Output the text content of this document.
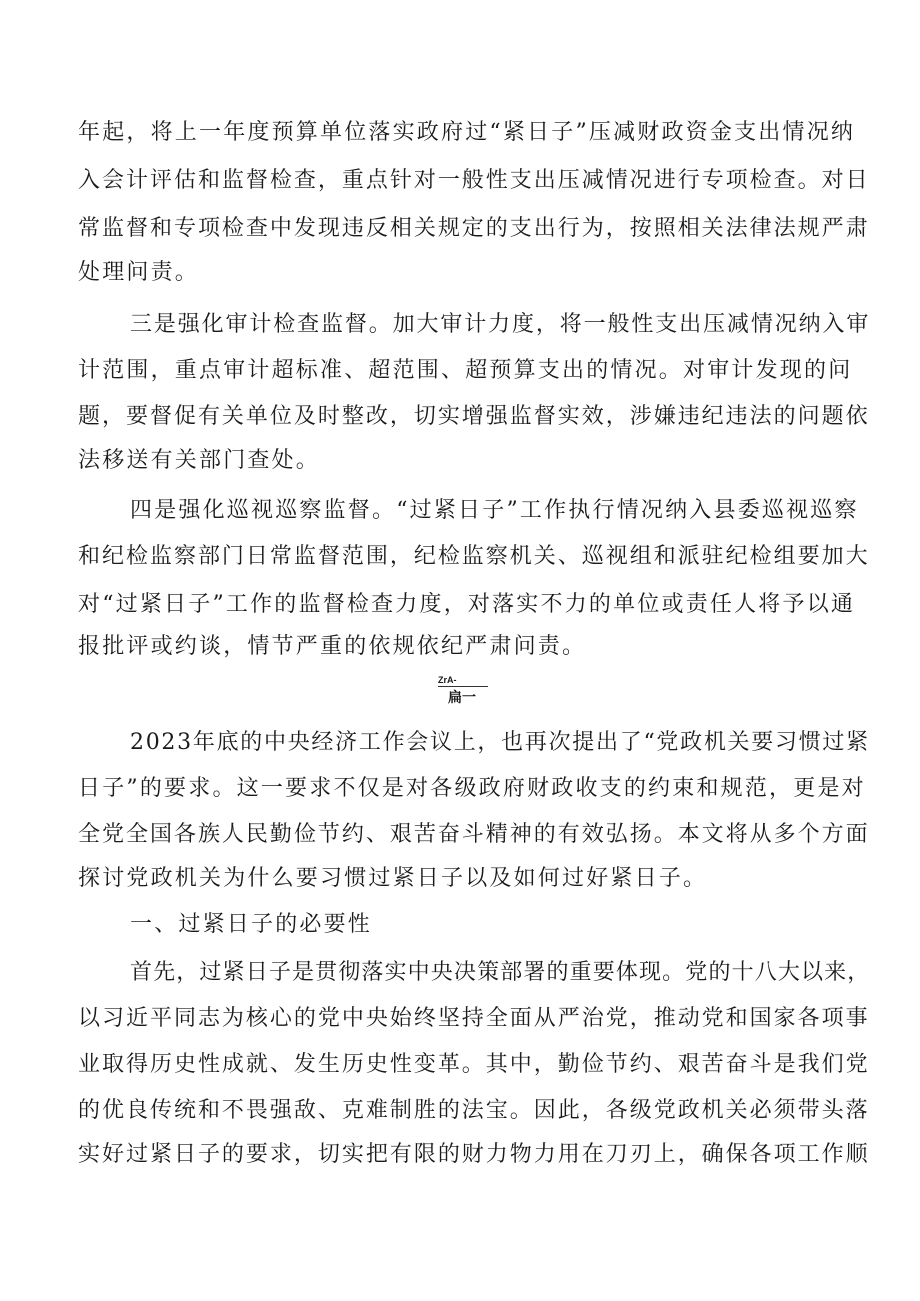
年起，将上一年度预算单位落实政府过“紧日子”压减财政资金支出情况纳
入会计评估和监督检查，重点针对一般性支出压减情况进行专项检查。对日
常监督和专项检查中发现违反相关规定的支出行为，按照相关法律法规严肃
处理问责。
三是强化审计检查监督。加大审计力度，将一般性支出压减情况纳入审
计范围，重点审计超标准、超范围、超预算支出的情况。对审计发现的问
题，要督促有关单位及时整改，切实增强监督实效，涉嫌违纪违法的问题依
法移送有关部门查处。
四是强化巡视巡察监督。“过紧日子”工作执行情况纳入县委巡视巡察
和纪检监察部门日常监督范围，纪检监察机关、巡视组和派驻纪检组要加大
对“过紧日子”工作的监督检查力度，对落实不力的单位或责任人将予以通
报批评或约谈，情节严重的依规依纪严肃问责。
ZrA-
扁一
2023年底的中央经济工作会议上，也再次提出了“党政机关要习惯过紧
日子”的要求。这一要求不仅是对各级政府财政收支的约束和规范，更是对
全党全国各族人民勤俭节约、艰苦奋斗精神的有效弘扬。本文将从多个方面
探讨党政机关为什么要习惯过紧日子以及如何过好紧日子。
一、过紧日子的必要性
首先，过紧日子是贯彻落实中央决策部署的重要体现。党的十八大以来，
以习近平同志为核心的党中央始终坚持全面从严治党，推动党和国家各项事
业取得历史性成就、发生历史性变革。其中，勤俭节约、艰苦奋斗是我们党
的优良传统和不畏强敌、克难制胜的法宝。因此，各级党政机关必须带头落
实好过紧日子的要求，切实把有限的财力物力用在刀刃上，确保各项工作顺
